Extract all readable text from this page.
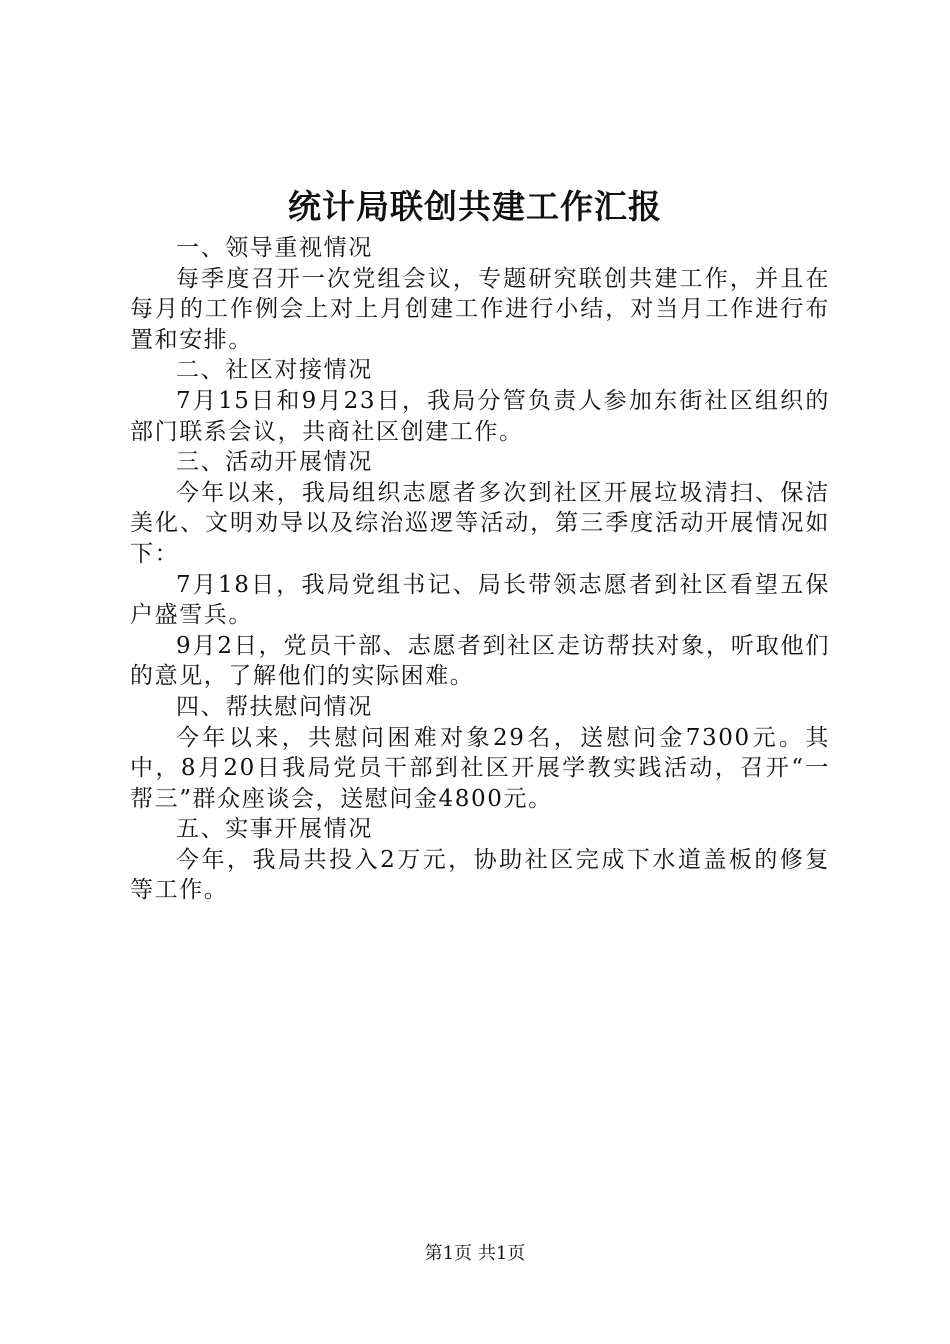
统计局联创共建工作汇报

一、领导重视情况

每季度召开一次党组会议，专题研究联创共建工作，并且在每月的工作例会上对上月创建工作进行小结，对当月工作进行布置和安排。

二、社区对接情况

7月15日和9月23日，我局分管负责人参加东街社区组织的部门联系会议，共商社区创建工作。

三、活动开展情况

今年以来，我局组织志愿者多次到社区开展垃圾清扫、保洁美化、文明劝导以及综治巡逻等活动，第三季度活动开展情况如下：

7月18日，我局党组书记、局长带领志愿者到社区看望五保户盛雪兵。

9月2日，党员干部、志愿者到社区走访帮扶对象，听取他们的意见，了解他们的实际困难。

四、帮扶慰问情况

今年以来，共慰问困难对象29名，送慰问金7300元。其中，8月20日我局党员干部到社区开展学教实践活动，召开“一帮三”群众座谈会，送慰问金4800元。

五、实事开展情况

今年，我局共投入2万元，协助社区完成下水道盖板的修复等工作。

第1页 共1页
